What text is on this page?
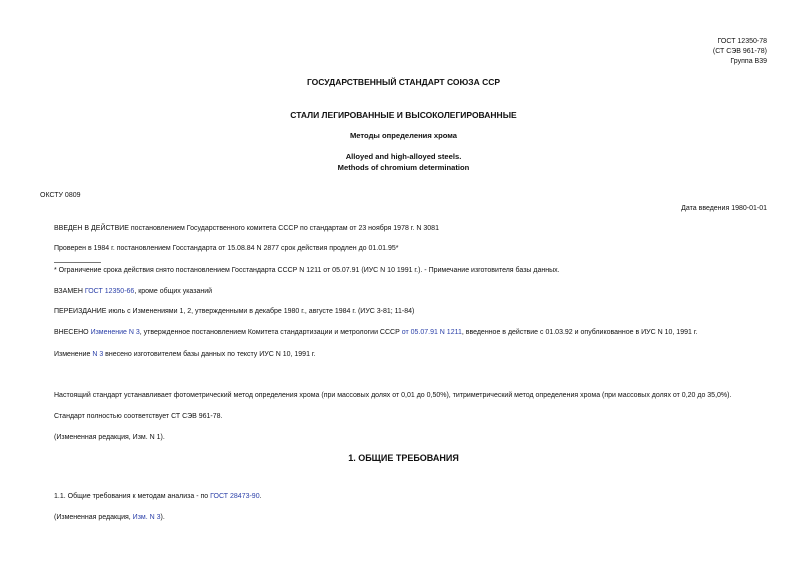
ГОСТ 12350-78
(СТ СЭВ 961-78)
Группа В39
ГОСУДАРСТВЕННЫЙ СТАНДАРТ СОЮЗА ССР
СТАЛИ ЛЕГИРОВАННЫЕ И ВЫСОКОЛЕГИРОВАННЫЕ
Методы определения хрома
Alloyed and high-alloyed steels.
Methods of chromium determination
ОКСТУ 0809
Дата введения 1980-01-01
ВВЕДЕН В ДЕЙСТВИЕ постановлением Государственного комитета СССР по стандартам от 23 ноября 1978 г. N 3081
Проверен в 1984 г. постановлением Госстандарта от 15.08.84 N 2877 срок действия продлен до 01.01.95*
* Ограничение срока действия снято постановлением Госстандарта СССР N 1211 от 05.07.91 (ИУС N 10 1991 г.). - Примечание изготовителя базы данных.
ВЗАМЕН ГОСТ 12350-66, кроме общих указаний
ПЕРЕИЗДАНИЕ июль с Изменениями 1, 2, утвержденными в декабре 1980 г., августе 1984 г. (ИУС 3-81; 11-84)
ВНЕСЕНО Изменение N 3, утвержденное постановлением Комитета стандартизации и метрологии СССР от 05.07.91 N 1211, введенное в действие с 01.03.92 и опубликованное в ИУС N 10, 1991 г.
Изменение N 3 внесено изготовителем базы данных по тексту ИУС N 10, 1991 г.
Настоящий стандарт устанавливает фотометрический метод определения хрома (при массовых долях от 0,01 до 0,50%), титриметрический метод определения хрома (при массовых долях от 0,20 до 35,0%).
Стандарт полностью соответствует СТ СЭВ 961-78.
(Измененная редакция, Изм. N 1).
1. ОБЩИЕ ТРЕБОВАНИЯ
1.1. Общие требования к методам анализа - по ГОСТ 28473-90.
(Измененная редакция, Изм. N 3).
